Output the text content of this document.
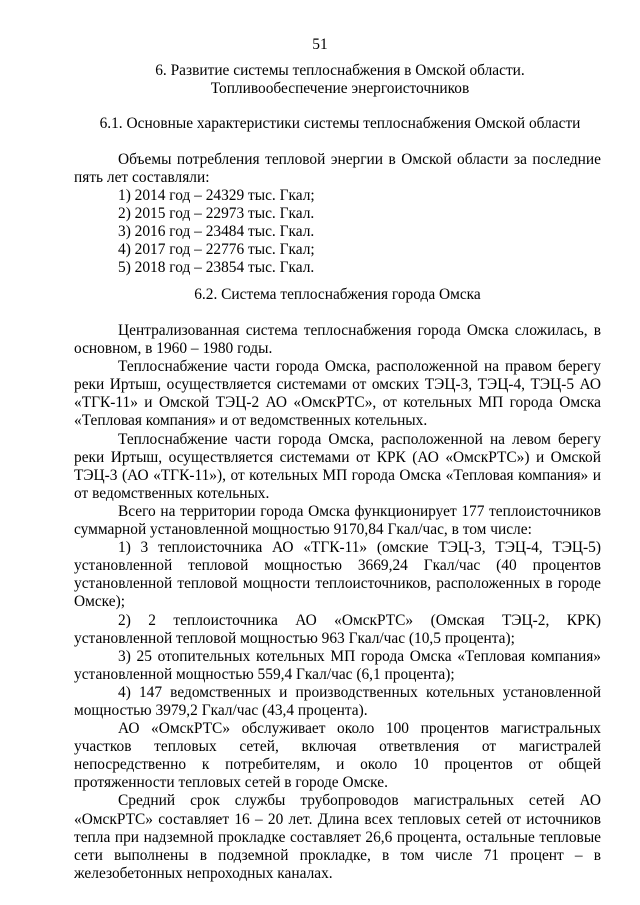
51

6. Развитие системы теплоснабжения в Омской области.

Топливообеспечение энергоисточников

6.1. Основные характеристики системы теплоснабжения Омской области
Объемы потребления тепловой энергии в Омской области за последние пять лет составляли:
1) 2014 год – 24329 тыс. Гкал;
2) 2015 год – 22973 тыс. Гкал.
3) 2016 год – 23484 тыс. Гкал.
4) 2017 год – 22776 тыс. Гкал;
5) 2018 год – 23854 тыс. Гкал.
6.2. Система теплоснабжения города Омска

Централизованная система теплоснабжения города Омска сложилась, в основном, в 1960 – 1980 годы.

Теплоснабжение части города Омска, расположенной на правом берегу реки Иртыш, осуществляется системами от омских ТЭЦ-3, ТЭЦ-4, ТЭЦ-5 АО «ТГК-11» и Омской ТЭЦ-2 АО «ОмскРТС», от котельных МП города Омска «Тепловая компания» и от ведомственных котельных.

Теплоснабжение части города Омска, расположенной на левом берегу реки Иртыш, осуществляется системами от КРК (АО «ОмскРТС») и Омской ТЭЦ-3 (АО «ТГК-11»), от котельных МП города Омска «Тепловая компания» и от ведомственных котельных.

Всего на территории города Омска функционирует 177 теплоисточников суммарной установленной мощностью 9170,84 Гкал/час, в том числе:

1) 3 теплоисточника АО «ТГК-11» (омские ТЭЦ-3, ТЭЦ-4, ТЭЦ-5) установленной тепловой мощностью 3669,24 Гкал/час (40 процентов установленной тепловой мощности теплоисточников, расположенных в городе Омске);

2) 2 теплоисточника АО «ОмскРТС» (Омская ТЭЦ-2, КРК) установленной тепловой мощностью 963 Гкал/час (10,5 процента);

3) 25 отопительных котельных МП города Омска «Тепловая компания» установленной мощностью 559,4 Гкал/час (6,1 процента);

4) 147 ведомственных и производственных котельных установленной мощностью 3979,2 Гкал/час (43,4 процента).

АО «ОмскРТС» обслуживает около 100 процентов магистральных участков тепловых сетей, включая ответвления от магистралей непосредственно к потребителям, и около 10 процентов от общей протяженности тепловых сетей в городе Омске.

Средний срок службы трубопроводов магистральных сетей АО «ОмскРТС» составляет 16 – 20 лет. Длина всех тепловых сетей от источников тепла при надземной прокладке составляет 26,6 процента, остальные тепловые сети выполнены в подземной прокладке, в том числе 71 процент – в железобетонных непроходных каналах.
